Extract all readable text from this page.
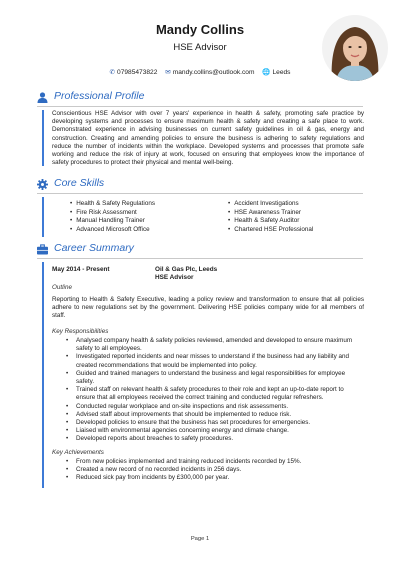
Mandy Collins
HSE Advisor
✆ 07985473822 ✉ mandy.collins@outlook.com 🌐 Leeds
Professional Profile
Conscientious HSE Advisor with over 7 years' experience in health & safety, promoting safe practice by developing systems and processes to ensure maximum health & safety and creating a safe place to work. Demonstrated experience in advising businesses on current safety guidelines in oil & gas, energy and construction. Creating and amending policies to ensure the business is adhering to safety regulations and reduce the number of incidents within the workplace. Developed systems and processes that promote safe working and reduce the risk of injury at work, focused on ensuring that employees know the importance of safety procedures to protect their physical and mental well-being.
Core Skills
• Health & Safety Regulations
• Fire Risk Assessment
• Manual Handling Trainer
• Advanced Microsoft Office
• Accident Investigations
• HSE Awareness Trainer
• Health & Safety Auditor
• Chartered HSE Professional
Career Summary
May 2014 - Present	Oil & Gas Plc, Leeds
HSE Advisor
Outline
Reporting to Health & Safety Executive, leading a policy review and transformation to ensure that all policies adhere to new regulations set by the government. Delivering HSE policies company wide for all members of staff.
Key Responsibilities
• Analysed company health & safety policies reviewed, amended and developed to ensure maximum safety to all employees.
• Investigated reported incidents and near misses to understand if the business had any liability and created recommendations that would be implemented into policy.
• Guided and trained managers to understand the business and legal responsibilities for employee safety.
• Trained staff on relevant health & safety procedures to their role and kept an up-to-date report to ensure that all employees received the correct training and conducted regular refreshers.
• Conducted regular workplace and on-site inspections and risk assessments.
• Advised staff about improvements that should be implemented to reduce risk.
• Developed policies to ensure that the business has set procedures for emergencies.
• Liaised with environmental agencies concerning energy and climate change.
• Developed reports about breaches to safety procedures.
Key Achievements
• From new policies implemented and training reduced incidents recorded by 15%.
• Created a new record of no recorded incidents in 256 days.
• Reduced sick pay from incidents by £300,000 per year.
Page 1
